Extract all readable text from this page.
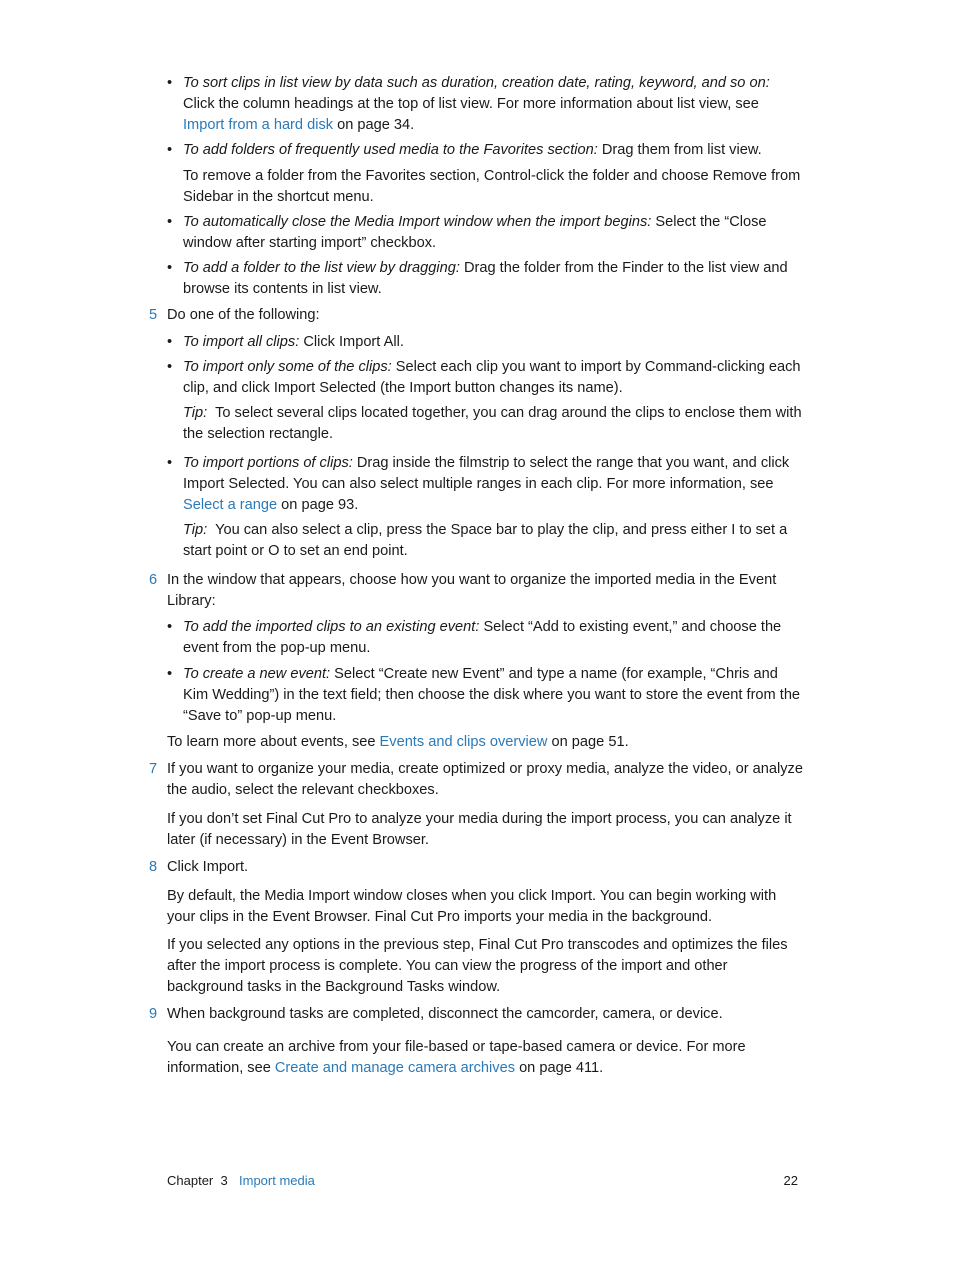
• To sort clips in list view by data such as duration, creation date, rating, keyword, and so on: Click the column headings at the top of list view. For more information about list view, see Import from a hard disk on page 34.

• To add folders of frequently used media to the Favorites section: Drag them from list view.

To remove a folder from the Favorites section, Control-click the folder and choose Remove from Sidebar in the shortcut menu.

• To automatically close the Media Import window when the import begins: Select the “Close window after starting import” checkbox.

• To add a folder to the list view by dragging: Drag the folder from the Finder to the list view and browse its contents in list view.

5 Do one of the following:

• To import all clips: Click Import All.

• To import only some of the clips: Select each clip you want to import by Command-clicking each clip, and click Import Selected (the Import button changes its name).

Tip: To select several clips located together, you can drag around the clips to enclose them with the selection rectangle.

• To import portions of clips: Drag inside the filmstrip to select the range that you want, and click Import Selected. You can also select multiple ranges in each clip. For more information, see Select a range on page 93.

Tip: You can also select a clip, press the Space bar to play the clip, and press either I to set a start point or O to set an end point.

6 In the window that appears, choose how you want to organize the imported media in the Event Library:

• To add the imported clips to an existing event: Select “Add to existing event,” and choose the event from the pop-up menu.

• To create a new event: Select “Create new Event” and type a name (for example, “Chris and Kim Wedding”) in the text field; then choose the disk where you want to store the event from the “Save to” pop-up menu.

To learn more about events, see Events and clips overview on page 51.

7 If you want to organize your media, create optimized or proxy media, analyze the video, or analyze the audio, select the relevant checkboxes.

If you don’t set Final Cut Pro to analyze your media during the import process, you can analyze it later (if necessary) in the Event Browser.

8 Click Import.

By default, the Media Import window closes when you click Import. You can begin working with your clips in the Event Browser. Final Cut Pro imports your media in the background.

If you selected any options in the previous step, Final Cut Pro transcodes and optimizes the files after the import process is complete. You can view the progress of the import and other background tasks in the Background Tasks window.

9 When background tasks are completed, disconnect the camcorder, camera, or device.

You can create an archive from your file-based or tape-based camera or device. For more information, see Create and manage camera archives on page 411.

Chapter  3 Import media	22
